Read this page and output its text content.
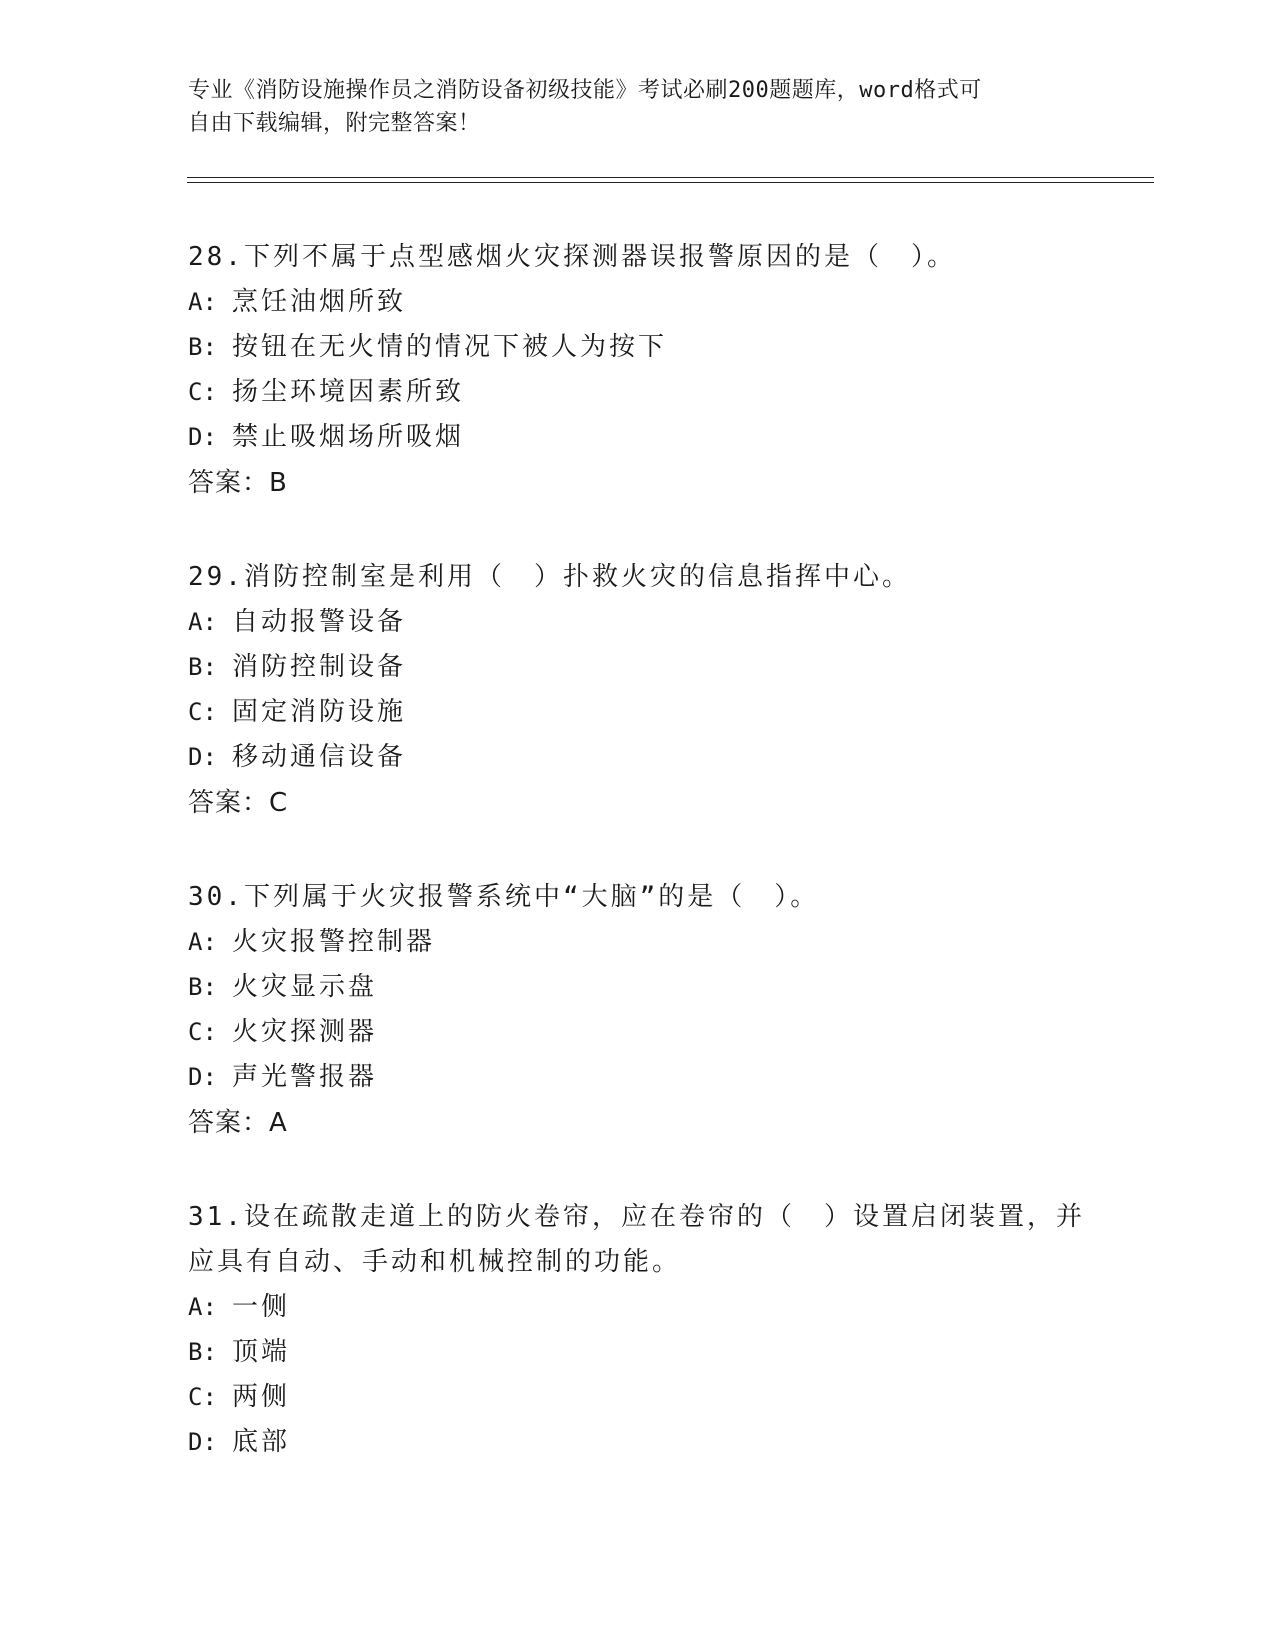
专业《消防设施操作员之消防设备初级技能》考试必刷200题题库，word格式可
自由下载编辑，附完整答案！

28.下列不属于点型感烟火灾探测器误报警原因的是（　）。

A: 烹饪油烟所致

B: 按钮在无火情的情况下被人为按下

C: 扬尘环境因素所致

D: 禁止吸烟场所吸烟

答案：B

29.消防控制室是利用（　）扑救火灾的信息指挥中心。

A: 自动报警设备

B: 消防控制设备

C: 固定消防设施

D: 移动通信设备

答案：C

30.下列属于火灾报警系统中“大脑”的是（　）。

A: 火灾报警控制器

B: 火灾显示盘

C: 火灾探测器

D: 声光警报器

答案：A

31.设在疏散走道上的防火卷帘，应在卷帘的（　）设置启闭装置，并

应具有自动、手动和机械控制的功能。

A: 一侧

B: 顶端

C: 两侧

D: 底部
